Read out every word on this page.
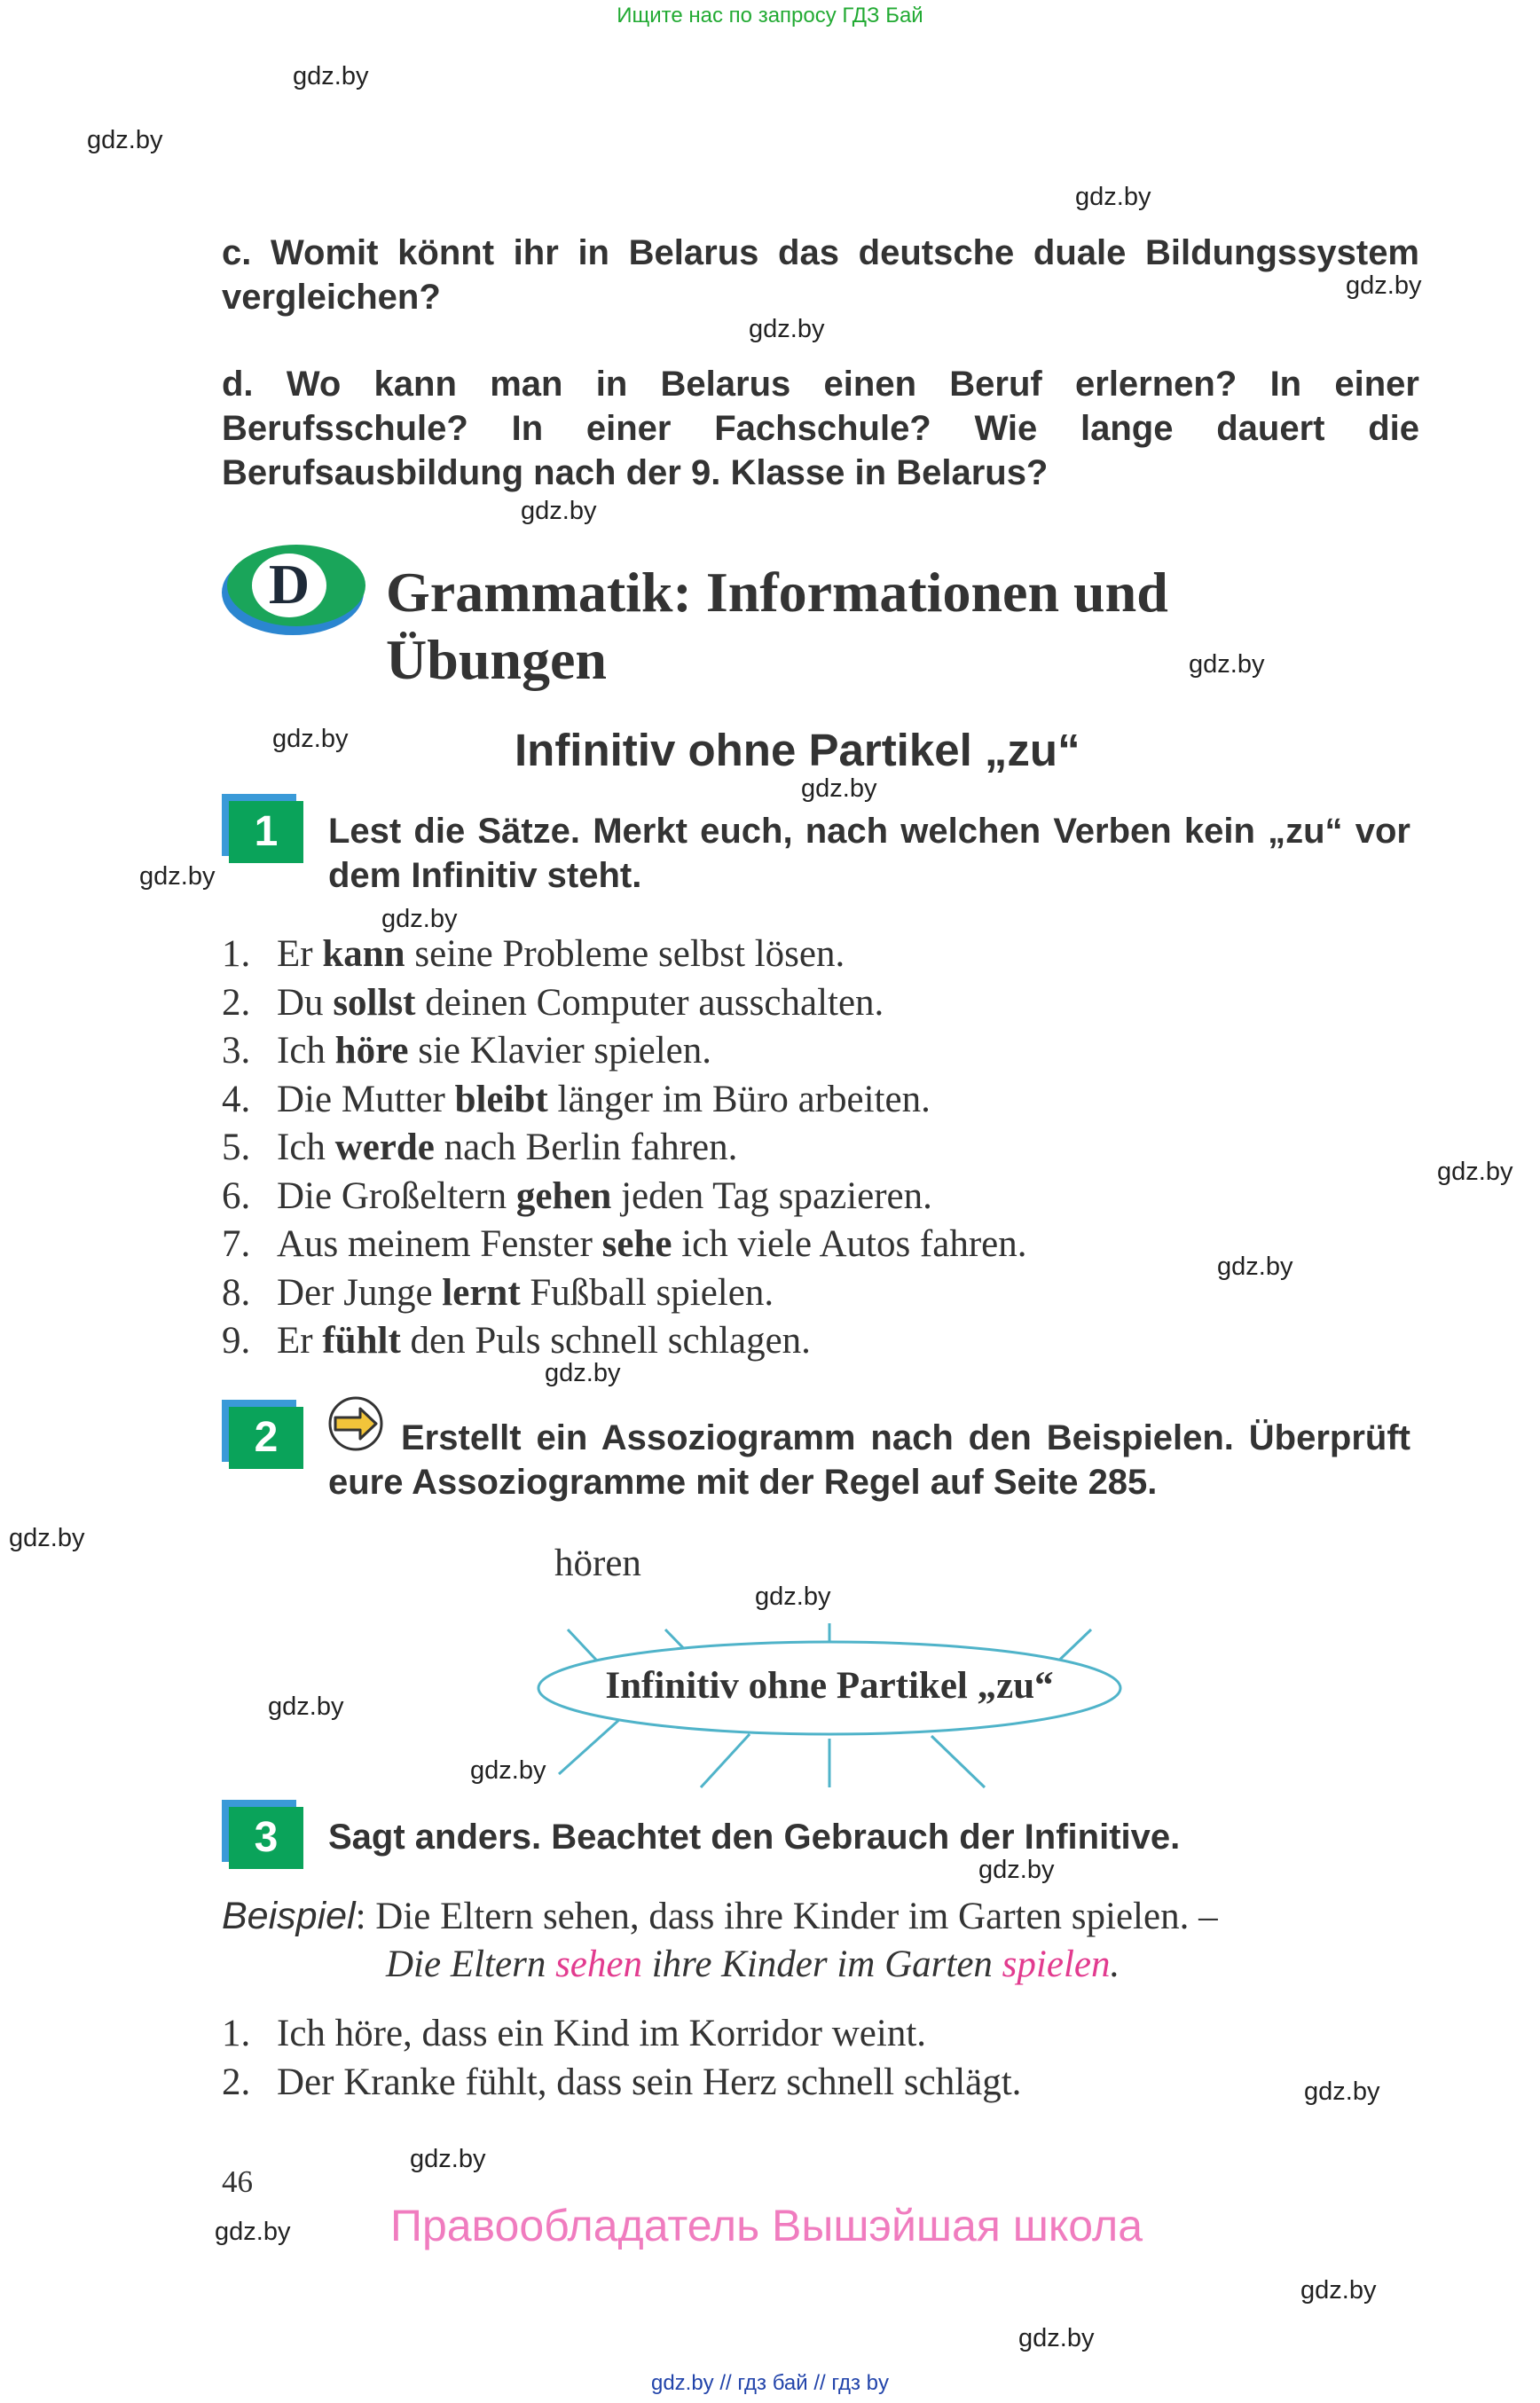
Ищите нас по запросу ГДЗ Бай
gdz.by
gdz.by
gdz.by
gdz.by
gdz.by
gdz.by
gdz.by
gdz.by
gdz.by
gdz.by
gdz.by
gdz.by
gdz.by
gdz.by
gdz.by
gdz.by
gdz.by
gdz.by
gdz.by
gdz.by
gdz.by
gdz.by
gdz.by
gdz.by
c. Womit könnt ihr in Belarus das deutsche duale Bildungssystem vergleichen?
d. Wo kann man in Belarus einen Beruf erlernen? In einer Berufsschule? In einer Fachschule? Wie lange dauert die Berufsausbildung nach der 9. Klasse in Belarus?
D Grammatik: Informationen und
Übungen
Infinitiv ohne Partikel „zu“
1	Lest die Sätze. Merkt euch, nach welchen Verben kein „zu“ vor dem Infinitiv steht.
1. Er kann seine Probleme selbst lösen.
2. Du sollst deinen Computer ausschalten.
3. Ich höre sie Klavier spielen.
4. Die Mutter bleibt länger im Büro arbeiten.
5. Ich werde nach Berlin fahren.
6. Die Großeltern gehen jeden Tag spazieren.
7. Aus meinem Fenster sehe ich viele Autos fahren.
8. Der Junge lernt Fußball spielen.
9. Er fühlt den Puls schnell schlagen.
2	Erstellt ein Assoziogramm nach den Beispielen. Überprüft eure Assoziogramme mit der Regel auf Seite 285.
hören
Infinitiv ohne Partikel „zu“
3	Sagt anders. Beachtet den Gebrauch der Infinitive.
Beispiel: Die Eltern sehen, dass ihre Kinder im Garten spielen. –
Die Eltern sehen ihre Kinder im Garten spielen.
1. Ich höre, dass ein Kind im Korridor weint.
2. Der Kranke fühlt, dass sein Herz schnell schlägt.
46
Правообладатель Вышэйшая школа
gdz.by // гдз бай // гдз by
